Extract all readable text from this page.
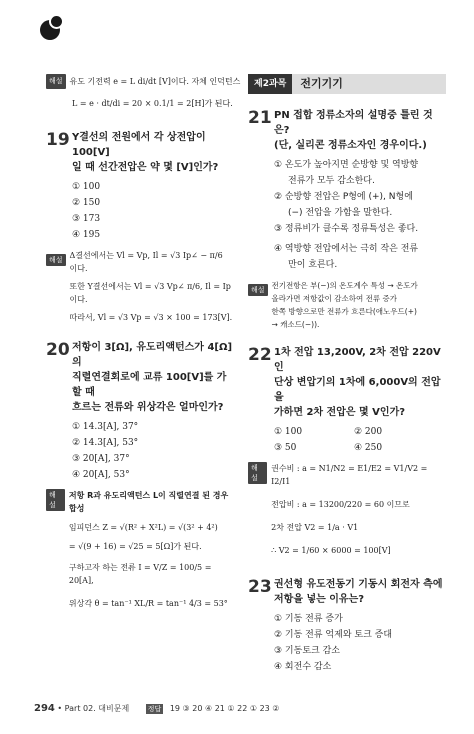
해설 유도 기전력 e = L di/dt [V]이다. 자체 인덕턴스
L = e · dt/di = 20 × 0.1/1 = 2[H]가 된다.
19 Y결선의 전원에서 각 상전압이 100[V]
일 때 선간전압은 약 몇 [V]인가?
① 100
② 150
③ 173
④ 195
해설 Δ결선에서는 Vl = Vp, Il = √3 Ip∠ − π/6
이다.
또한 Y결선에서는 Vl = √3 Vp∠ π/6, Il = Ip
이다.
따라서, Vl = √3 Vp = √3 × 100 = 173[V].
20 저항이 3[Ω], 유도리액턴스가 4[Ω]의
직렬연결회로에 교류 100[V]를 가할 때
흐르는 전류와 위상각은 얼마인가?
① 14.3[A], 37°
② 14.3[A], 53°
③ 20[A], 37°
④ 20[A], 53°
해설
저항 R과 유도리액턴스 L이 직렬연결 된 경우
합성
임피던스 Z = √(R² + X²L) = √(3² + 4²)
= √(9 + 16) = √25 = 5[Ω]가 된다.
구하고자 하는 전류 I = V/Z = 100/5 = 20[A],
위상각 θ = tan⁻¹ XL/R = tan⁻¹ 4/3 = 53°
제2과목	전기기기
21 PN 접합 정류소자의 설명중 틀린 것은?
(단, 실리콘 정류소자인 경우이다.)
① 온도가 높아지면 순방향 및 역방향
전류가 모두 감소한다.
② 순방향 전압은 P형에 (+), N형에
(−) 전압을 가함을 말한다.
③ 정류비가 클수록 정류특성은 좋다.
④ 역방향 전압에서는 극히 작은 전류
만이 흐른다.
해설 전기전항은 부(−)의 온도계수 특성 → 온도가
올라가면 저항값이 감소하여 전류 증가
한쪽 방향으로만 전류가 흐른다(애노우드(+)
→ 캐소드(−)).
22 1차 전압 13,200V, 2차 전압 220V인
단상 변압기의 1차에 6,000V의 전압을
가하면 2차 전압은 몇 V인가?
① 100	② 200
③ 50	④ 250
해설
권수비 : a = N1/N2 = E1/E2 = V1/V2 = I2/I1
전압비 : a = 13200/220 = 60 이므로
2차 전압 V2 = 1/a · V1
∴ V2 = 1/60 × 6000 = 100[V]
23 권선형 유도전동기 기동시 회전자 측에
저항을 넣는 이유는?
① 기동 전류 증가
② 기동 전류 억제와 토크 증대
③ 기동토크 감소
④ 회전수 감소
294 • Part 02. 대비문제	정답 19 ③ 20 ④ 21 ① 22 ① 23 ②
